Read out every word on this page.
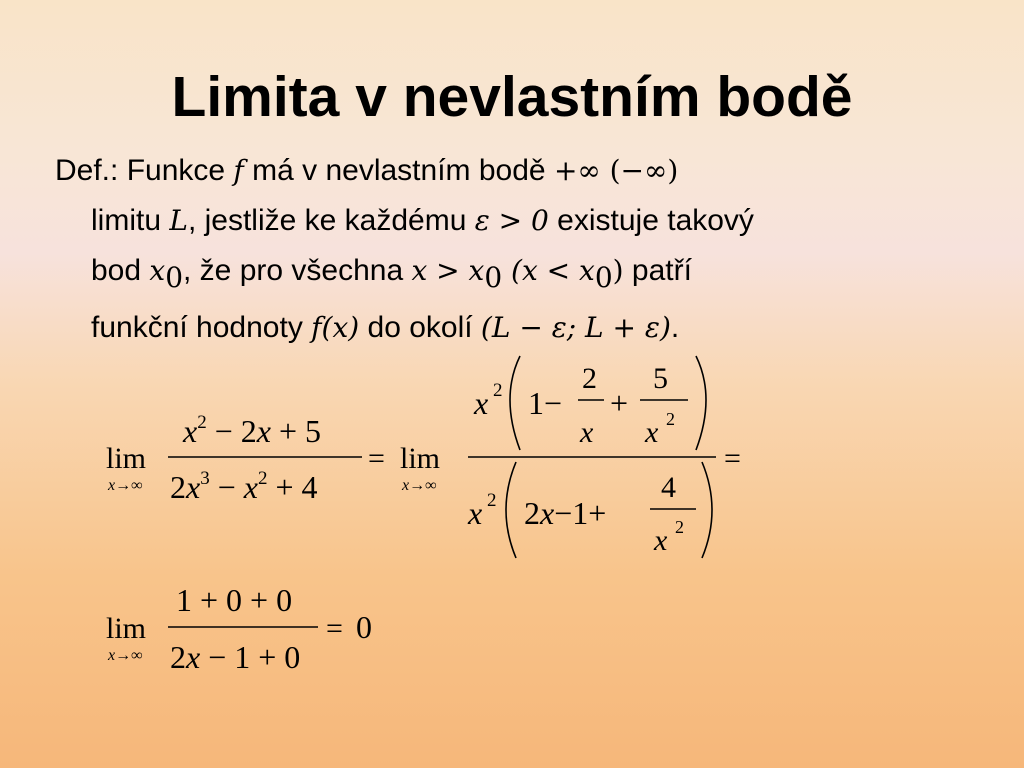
Limita v nevlastním bodě
Def.: Funkce f má v nevlastním bodě +∞ (−∞)
limitu L, jestliže ke každému ε > 0 existuje takový
bod $x_0$, že pro všechna $x > x_0$ $(x < x_0)$ patří
funkční hodnoty f(x) do okolí (L − ε; L + ε).
lim
x→∞
$x^2 - 2x + 5$
$2x^3 - x^2 + 4$
= lim
x→∞
x 2 1−
2
x
+
5
x 2
x 2 2x−1+
4
x 2
=
lim
x→∞
1 + 0 + 0
2x − 1 + 0
= 0
